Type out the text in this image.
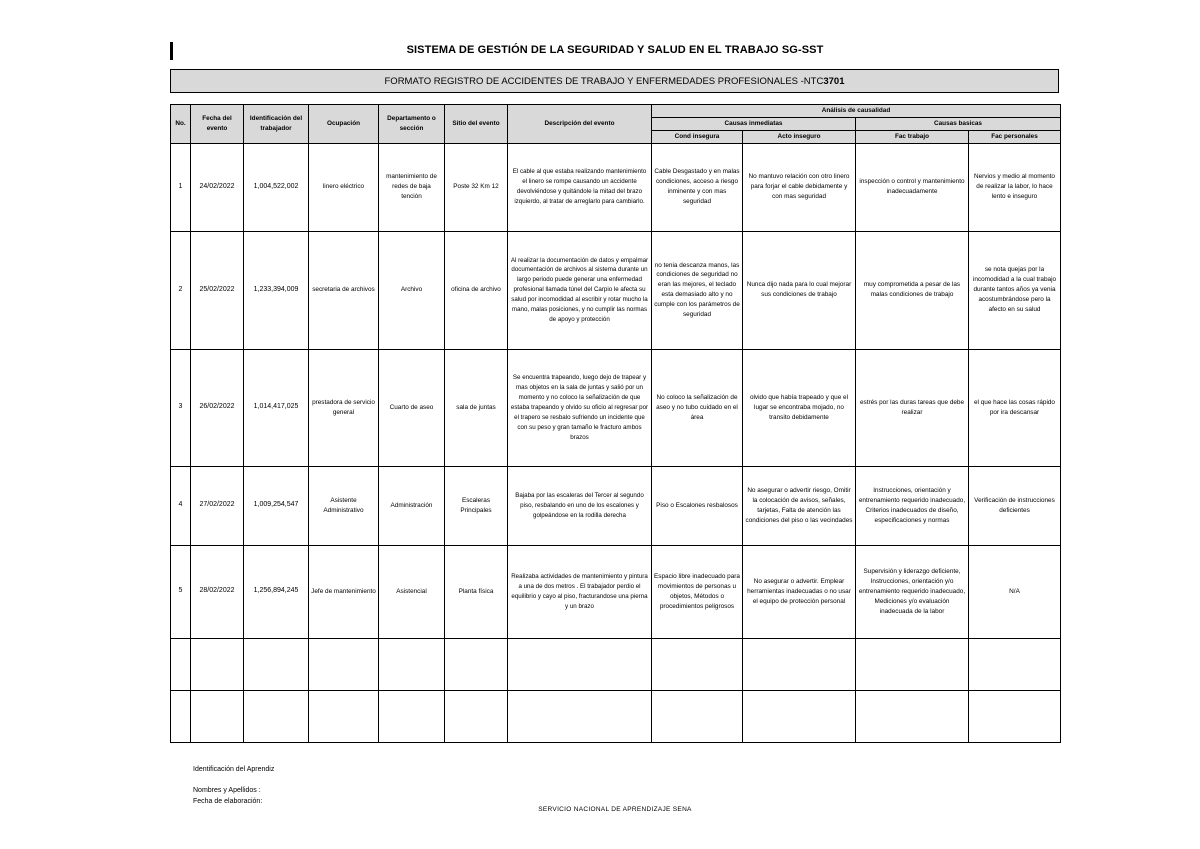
SISTEMA DE GESTIÓN DE LA SEGURIDAD Y SALUD EN EL TRABAJO SG-SST
FORMATO REGISTRO DE ACCIDENTES DE TRABAJO Y ENFERMEDADES PROFESIONALES -NTC 3701
No.	Fecha del evento	Identificación del trabajador	Ocupación	Departamento o sección	Sitio del evento	Descripción del evento	Análisis de causalidad			
							Causas inmediatas		Causas basicas	
							Cond insegura	Acto inseguro	Fac trabajo	Fac personales
1	24/02/2022	1,004,522,002	linero eléctrico	mantenimiento de redes de baja tención	Poste 32 Km 12	El cable al que estaba realizando mantenimiento el linero se rompe causando un accidente devolviéndose y quitándole la mitad del brazo izquierdo, al tratar de arreglarlo para cambiarlo.	Cable Desgastado y en malas condiciones, acceso a riesgo inminente y con mas seguridad	No mantuvo relación con otro linero para forjar el cable debidamente y con mas seguridad	inspección o control y mantenimiento inadecuadamente	Nervios y medio al momento de realizar la labor, lo hace lento e inseguro
2	25/02/2022	1,233,394,009	secretaria de archivos	Archivo	oficina de archivo	Al realizar la documentación de datos y empalmar documentación de archivos al sistema durante un largo periodo puede generar una enfermedad profesional llamada túnel del Carpio le afecta su salud por incomodidad al escribir y rotar mucho la mano, malas posiciones, y no cumplir las normas de apoyo y protección	no tenia descanza manos, las condiciones de seguridad no eran las mejores, el teclado esta demasiado alto y no cumple con los parámetros de seguridad	Nunca dijo nada para lo cual mejorar sus condiciones de trabajo	muy comprometida a pesar de las malas condiciones de trabajo	se nota quejas por la incomodidad a la cual trabajo durante tantos años ya venia acostumbrándose pero la afecto en su salud
3	26/02/2022	1,014,417,025	prestadora de servicio general	Cuarto de aseo	sala de juntas	Se encuentra trapeando, luego dejo de trapear y mas objetos en la sala de juntas y salió por un momento y no coloco la señalización de que estaba trapeando y olvido su oficio al regresar por el trapero se resbalo sufriendo un incidente que con su peso y gran tamaño le fracturo ambos brazos	No coloco la señalización de aseo y no tubo cuidado en el área	olvido que había trapeado y que el lugar se encontraba mojado, no transito debidamente	estrés por las duras tareas que debe realizar	el que hace las cosas rápido por ira descansar
4	27/02/2022	1,009,254,547	Asistente Administrativo	Administración	Escaleras Principales	Bajaba por las escaleras del Tercer al segundo piso, resbalando en uno de los escalones y golpeándose en la rodilla derecha	Piso o Escalones resbalosos	No asegurar o advertir riesgo, Omitir la colocación de avisos, señales, tarjetas, Falta de atención las condiciones del piso o las vecindades	Instrucciones, orientación y entrenamiento requerido inadecuado, Criterios inadecuados de diseño, especificaciones y normas	Verificación de instrucciones deficientes
5	28/02/2022	1,256,894,245	Jefe de mantenimiento	Asistencial	Planta física	Realizaba actividades de mantenimiento y pintura a una de dos metros . El trabajador perdio el equilibrio y cayo al piso, fracturandose una pierna y un brazo	Espacio libre inadecuado para movimientos de personas u objetos, Métodos o procedimientos peligrosos	No asegurar o advertir. Emplear herramientas inadecuadas o no usar el equipo de protección personal	Supervisión y liderazgo deficiente, Instrucciones, orientación y/o entrenamiento requerido inadecuado, Mediciones y/o evaluación inadecuada de la labor	N/A

Identificación del Aprendiz
Nombres y Apellidos :
Fecha de elaboración:
SERVICIO NACIONAL DE APRENDIZAJE SENA
